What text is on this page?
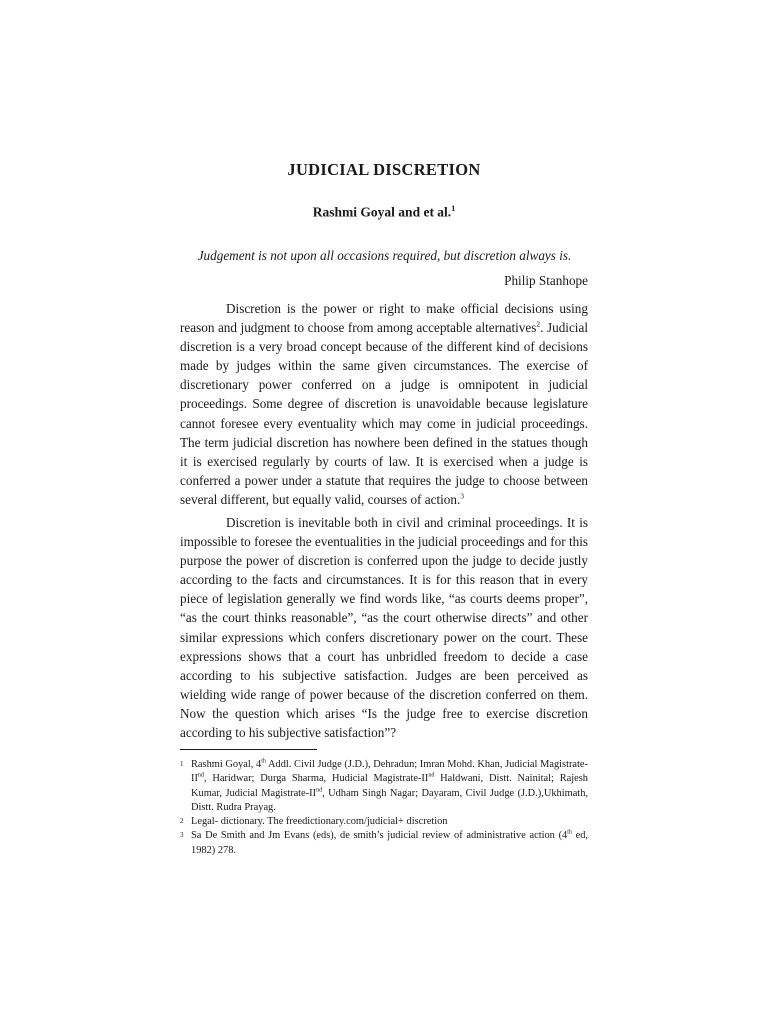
JUDICIAL DISCRETION
Rashmi Goyal and et al.$^1$
Judgement is not upon all occasions required, but discretion always is.
Philip Stanhope

Discretion is the power or right to make official decisions using reason and judgment to choose from among acceptable alternatives$^2$. Judicial discretion is a very broad concept because of the different kind of decisions made by judges within the same given circumstances. The exercise of discretionary power conferred on a judge is omnipotent in judicial proceedings. Some degree of discretion is unavoidable because legislature cannot foresee every eventuality which may come in judicial proceedings. The term judicial discretion has nowhere been defined in the statues though it is exercised regularly by courts of law. It is exercised when a judge is conferred a power under a statute that requires the judge to choose between several different, but equally valid, courses of action.$^3$

Discretion is inevitable both in civil and criminal proceedings. It is impossible to foresee the eventualities in the judicial proceedings and for this purpose the power of discretion is conferred upon the judge to decide justly according to the facts and circumstances. It is for this reason that in every piece of legislation generally we find words like, “as courts deems proper”, “as the court thinks reasonable”, “as the court otherwise directs” and other similar expressions which confers discretionary power on the court. These expressions shows that a court has unbridled freedom to decide a case according to his subjective satisfaction. Judges are been perceived as wielding wide range of power because of the discretion conferred on them. Now the question which arises “Is the judge free to exercise discretion according to his subjective satisfaction”?

1 Rashmi Goyal, 4th Addl. Civil Judge (J.D.), Dehradun; Imran Mohd. Khan, Judicial Magistrate-IInd, Haridwar; Durga Sharma, Hudicial Magistrate-IInd Haldwani, Distt. Nainital; Rajesh Kumar, Judicial Magistrate-IInd, Udham Singh Nagar; Dayaram, Civil Judge (J.D.),Ukhimath, Distt. Rudra Prayag.
2 Legal- dictionary. The freedictionary.com/judicial+ discretion
3 Sa De Smith and Jm Evans (eds), de smith’s judicial review of administrative action (4th ed, 1982) 278.
